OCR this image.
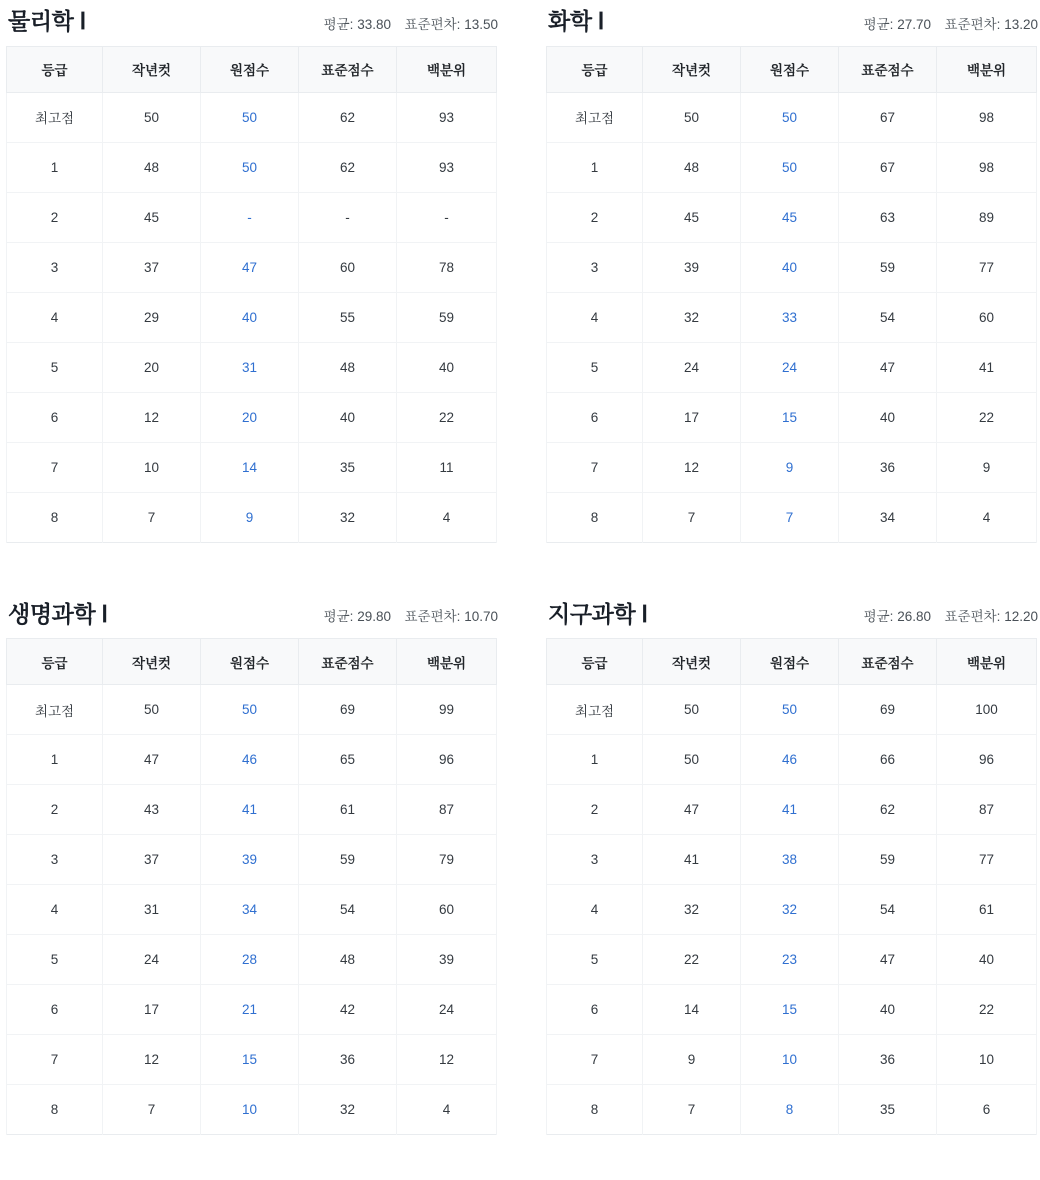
물리학 Ⅰ	평균: 33.80 표준편차: 13.50
등급	작년컷	원점수	표준점수	백분위
최고점	50	50	62	93
1	48	50	62	93
2	45	-	-	-
3	37	47	60	78
4	29	40	55	59
5	20	31	48	40
6	12	20	40	22
7	10	14	35	11
8	7	9	32	4
화학 Ⅰ	평균: 27.70 표준편차: 13.20
등급	작년컷	원점수	표준점수	백분위
최고점	50	50	67	98
1	48	50	67	98
2	45	45	63	89
3	39	40	59	77
4	32	33	54	60
5	24	24	47	41
6	17	15	40	22
7	12	9	36	9
8	7	7	34	4
생명과학 Ⅰ	평균: 29.80 표준편차: 10.70
등급	작년컷	원점수	표준점수	백분위
최고점	50	50	69	99
1	47	46	65	96
2	43	41	61	87
3	37	39	59	79
4	31	34	54	60
5	24	28	48	39
6	17	21	42	24
7	12	15	36	12
8	7	10	32	4
지구과학 Ⅰ	평균: 26.80 표준편차: 12.20
등급	작년컷	원점수	표준점수	백분위
최고점	50	50	69	100
1	50	46	66	96
2	47	41	62	87
3	41	38	59	77
4	32	32	54	61
5	22	23	47	40
6	14	15	40	22
7	9	10	36	10
8	7	8	35	6
